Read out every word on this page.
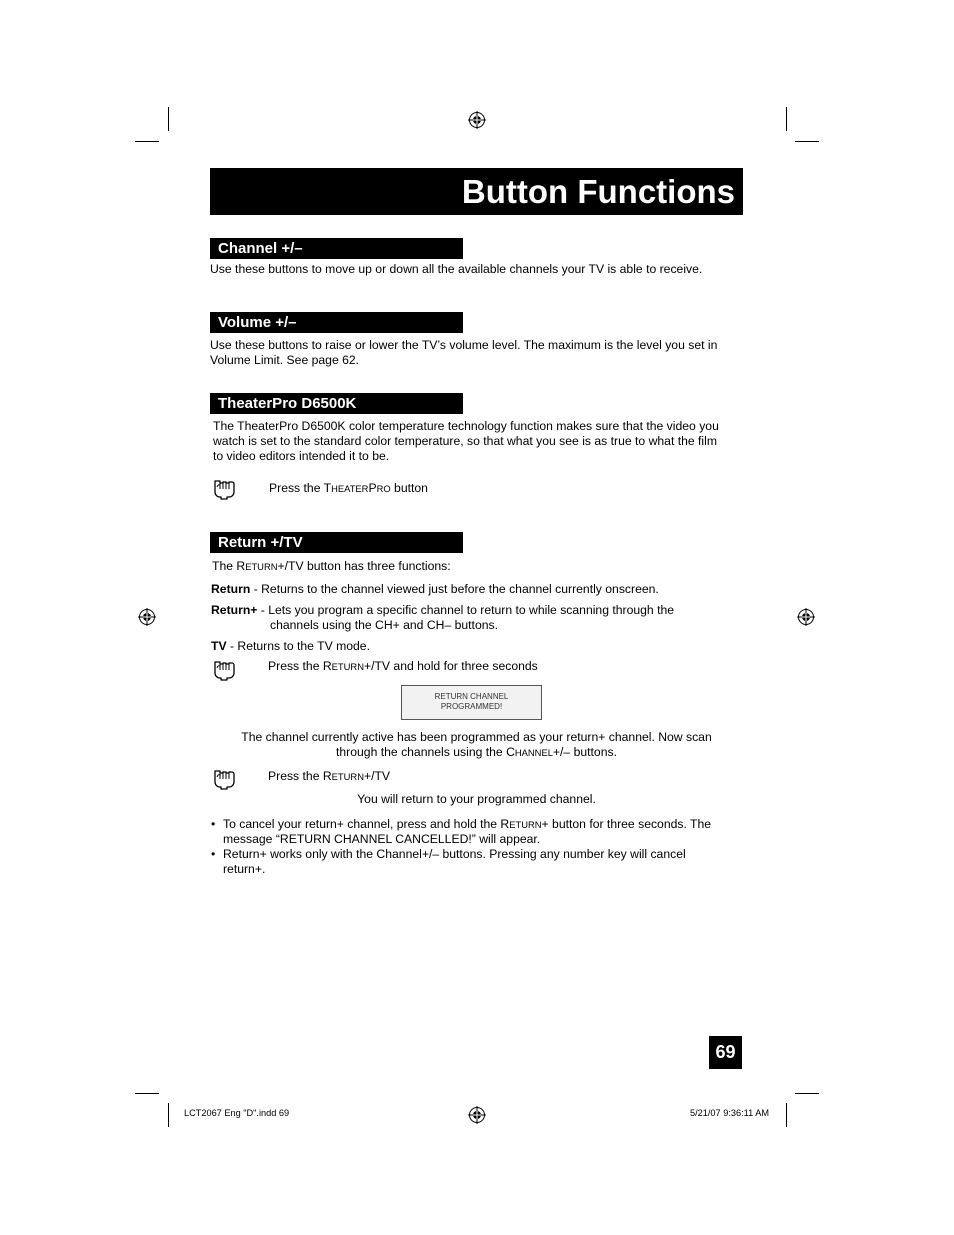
Button Functions
Channel +/–
Use these buttons to move up or down all the available channels your TV is able to receive.
Volume +/–
Use these buttons to raise or lower the TV’s volume level. The maximum is the level you set in
Volume Limit. See page 62.
TheaterPro D6500K
The TheaterPro D6500K color temperature technology function makes sure that the video you
watch is set to the standard color temperature, so that what you see is as true to what the film
to video editors intended it to be.
Press the THEATERPRO button
Return +/TV
The RETURN+/TV button has three functions:
Return - Returns to the channel viewed just before the channel currently onscreen.
Return+ - Lets you program a specific channel to return to while scanning through the
channels using the CH+ and CH– buttons.
TV - Returns to the TV mode.
Press the RETURN+/TV and hold for three seconds
RETURN CHANNEL
PROGRAMMED!
The channel currently active has been programmed as your return+ channel. Now scan
through the channels using the CHANNEL+/– buttons.
Press the RETURN+/TV
You will return to your programmed channel.
• To cancel your return+ channel, press and hold the RETURN+ button for three seconds. The
message “RETURN CHANNEL CANCELLED!” will appear.
• Return+ works only with the Channel+/– buttons. Pressing any number key will cancel
return+.
69
LCT2067 Eng "D".indd 69	5/21/07 9:36:11 AM
